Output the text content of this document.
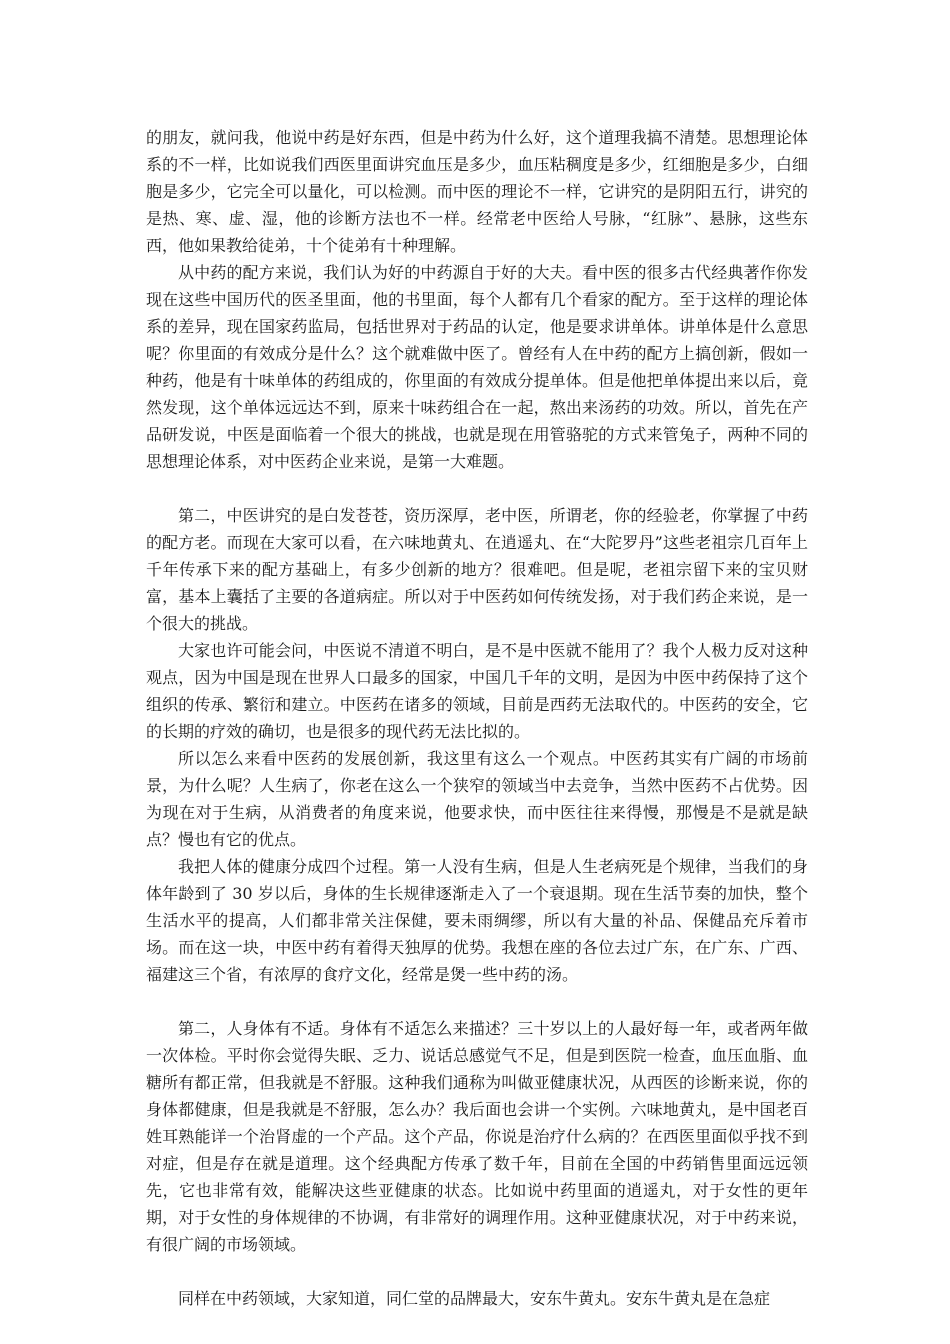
的朋友，就问我，他说中药是好东西，但是中药为什么好，这个道理我搞不清楚。思想理论体系的不一样，比如说我们西医里面讲究血压是多少，血压粘稠度是多少，红细胞是多少，白细胞是多少，它完全可以量化，可以检测。而中医的理论不一样，它讲究的是阴阳五行，讲究的是热、寒、虚、湿，他的诊断方法也不一样。经常老中医给人号脉，“红脉”、悬脉，这些东西，他如果教给徒弟，十个徒弟有十种理解。

从中药的配方来说，我们认为好的中药源自于好的大夫。看中医的很多古代经典著作你发现在这些中国历代的医圣里面，他的书里面，每个人都有几个看家的配方。至于这样的理论体系的差异，现在国家药监局，包括世界对于药品的认定，他是要求讲单体。讲单体是什么意思呢？你里面的有效成分是什么？这个就难做中医了。曾经有人在中药的配方上搞创新，假如一种药，他是有十味单体的药组成的，你里面的有效成分提单体。但是他把单体提出来以后，竟然发现，这个单体远远达不到，原来十味药组合在一起，熬出来汤药的功效。所以，首先在产品研发说，中医是面临着一个很大的挑战，也就是现在用管骆驼的方式来管兔子，两种不同的思想理论体系，对中医药企业来说，是第一大难题。

第二，中医讲究的是白发苍苍，资历深厚，老中医，所谓老，你的经验老，你掌握了中药的配方老。而现在大家可以看，在六味地黄丸、在逍遥丸、在“大陀罗丹”这些老祖宗几百年上千年传承下来的配方基础上，有多少创新的地方？很难吧。但是呢，老祖宗留下来的宝贝财富，基本上囊括了主要的各道病症。所以对于中医药如何传统发扬，对于我们药企来说，是一个很大的挑战。

大家也许可能会问，中医说不清道不明白，是不是中医就不能用了？我个人极力反对这种观点，因为中国是现在世界人口最多的国家，中国几千年的文明，是因为中医中药保持了这个组织的传承、繁衍和建立。中医药在诸多的领域，目前是西药无法取代的。中医药的安全，它的长期的疗效的确切，也是很多的现代药无法比拟的。

所以怎么来看中医药的发展创新，我这里有这么一个观点。中医药其实有广阔的市场前景，为什么呢？人生病了，你老在这么一个狭窄的领域当中去竞争，当然中医药不占优势。因为现在对于生病，从消费者的角度来说，他要求快，而中医往往来得慢，那慢是不是就是缺点？慢也有它的优点。

我把人体的健康分成四个过程。第一人没有生病，但是人生老病死是个规律，当我们的身体年龄到了 30 岁以后，身体的生长规律逐渐走入了一个衰退期。现在生活节奏的加快，整个生活水平的提高，人们都非常关注保健，要未雨绸缪，所以有大量的补品、保健品充斥着市场。而在这一块，中医中药有着得天独厚的优势。我想在座的各位去过广东，在广东、广西、福建这三个省，有浓厚的食疗文化，经常是煲一些中药的汤。

第二，人身体有不适。身体有不适怎么来描述？三十岁以上的人最好每一年，或者两年做一次体检。平时你会觉得失眠、乏力、说话总感觉气不足，但是到医院一检查，血压血脂、血糖所有都正常，但我就是不舒服。这种我们通称为叫做亚健康状况，从西医的诊断来说，你的身体都健康，但是我就是不舒服，怎么办？我后面也会讲一个实例。六味地黄丸，是中国老百姓耳熟能详一个治肾虚的一个产品。这个产品，你说是治疗什么病的？在西医里面似乎找不到对症，但是存在就是道理。这个经典配方传承了数千年，目前在全国的中药销售里面远远领先，它也非常有效，能解决这些亚健康的状态。比如说中药里面的逍遥丸，对于女性的更年期，对于女性的身体规律的不协调，有非常好的调理作用。这种亚健康状况，对于中药来说，有很广阔的市场领域。

同样在中药领域，大家知道，同仁堂的品牌最大，安东牛黄丸。安东牛黄丸是在急症
